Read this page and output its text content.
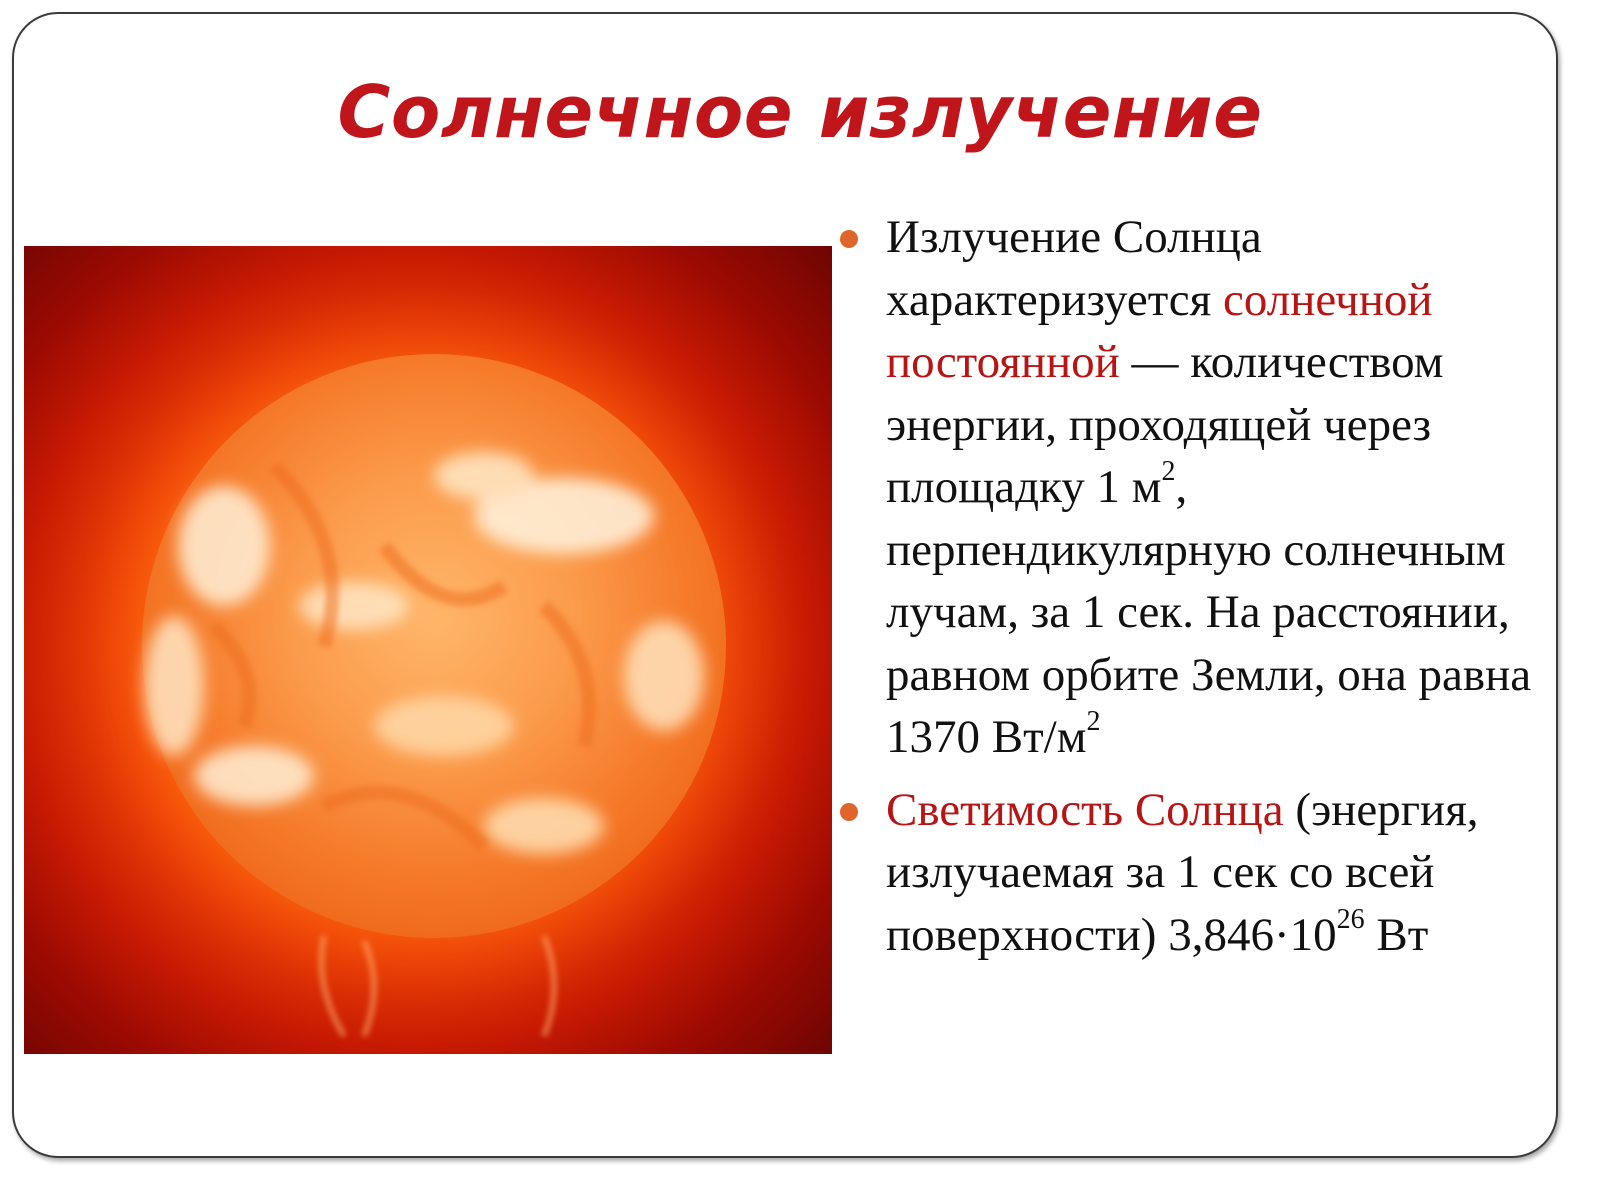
Солнечное излучение

Излучение Солнца характеризуется солнечной постоянной — количеством энергии, проходящей через площадку 1 $м^2$, перпендикулярную солнечным лучам, за 1 сек. На расстоянии, равном орбите Земли, она равна 1370 $Вт/м^2$

Светимость Солнца (энергия, излучаемая за 1 сек со всей поверхности) $3,846\cdot 10^{26}$ Вт
